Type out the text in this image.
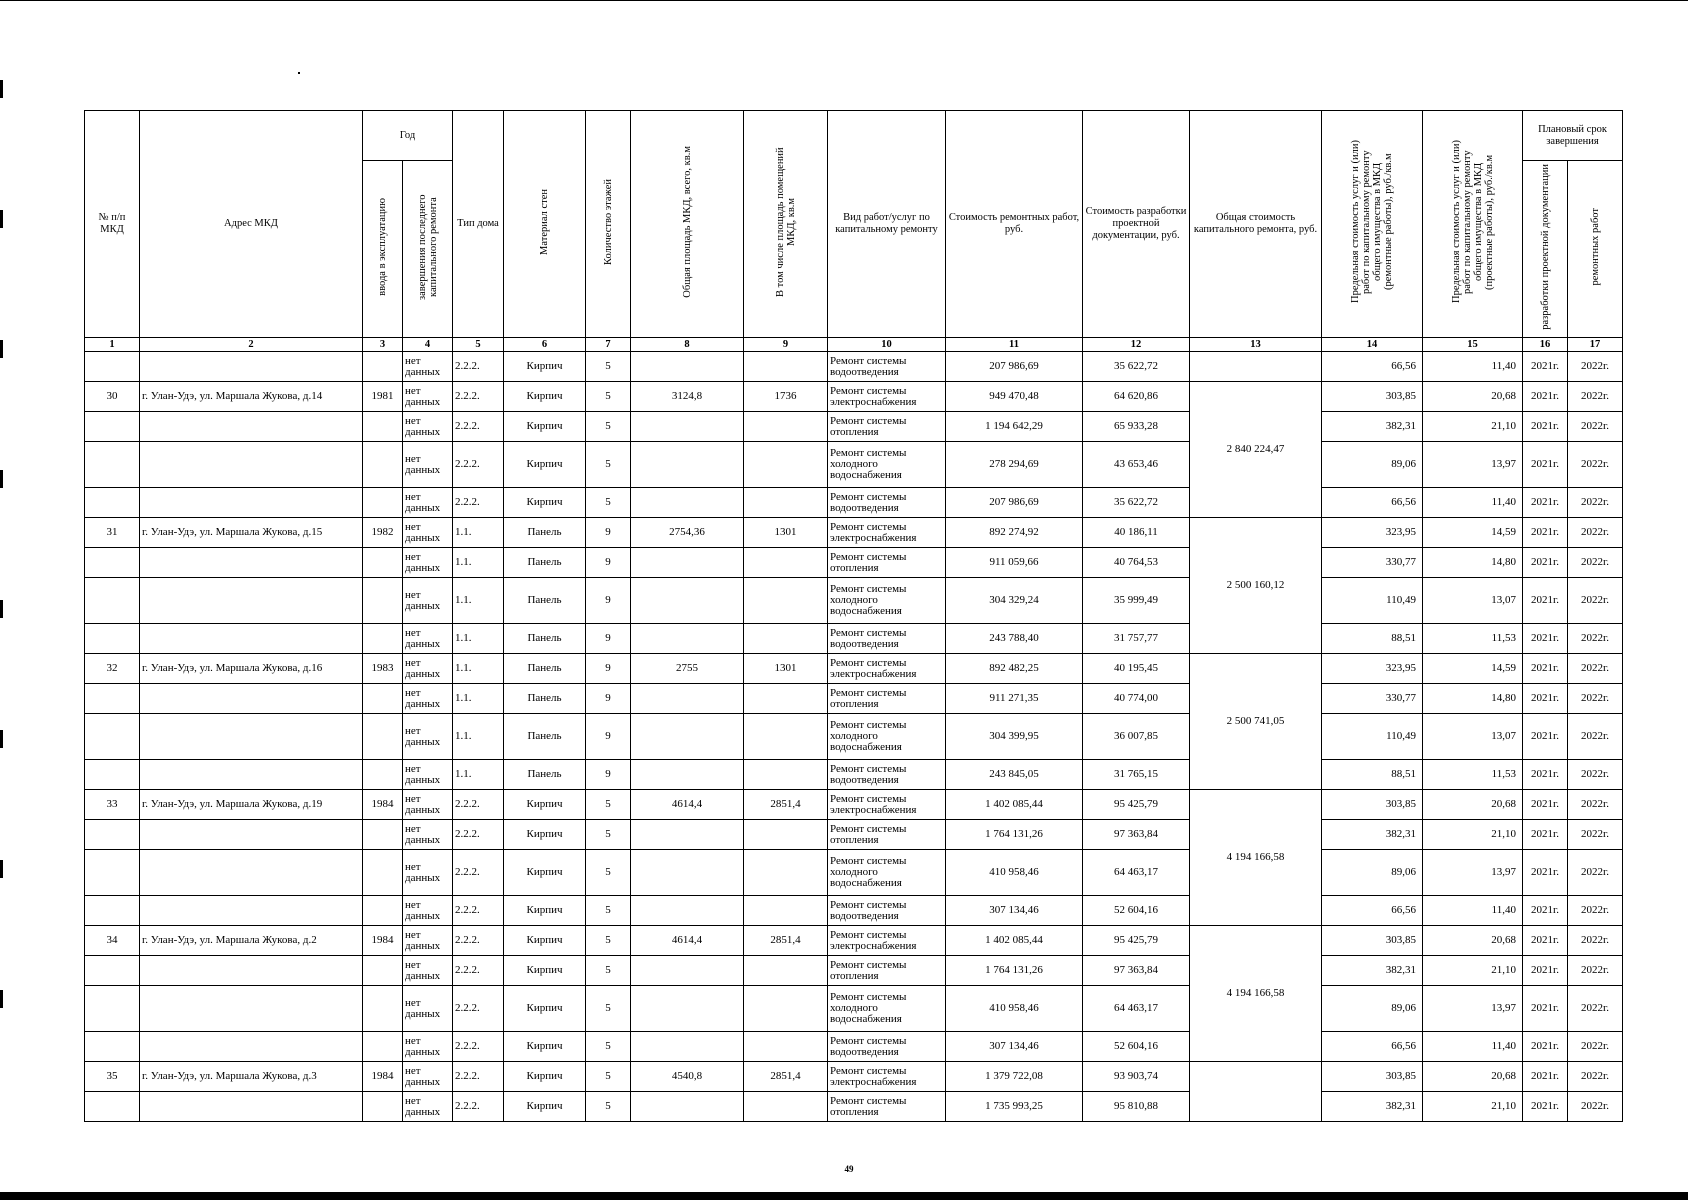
№ п/п МКД	Адрес МКД	Год		Тип дома	Материал стен	Количество этажей	Общая площадь МКД, всего, кв.м	В том числе площадь помещений МКД, кв.м	Вид работ/услуг по капитальному ремонту	Стоимость ремонтных работ, руб.	Стоимость разработки проектной документации, руб.	Общая стоимость капитального ремонта, руб.	Предельная стоимость услуг и (или) работ по капитальному ремонту общего имущества в МКД (ремонтные работы), руб./кв.м	Предельная стоимость услуг и (или) работ по капитальному ремонту общего имущества в МКД (проектные работы), руб./кв.м	Плановый срок завершения	
		ввода в эксплуатацию	завершения последнего капитального ремонта												разработки проектной документации	ремонтных работ
1	2	3	4	5	6	7	8	9	10	11	12	13	14	15	16	17
			нет данных	2.2.2.	Кирпич	5			Ремонт системы водоотведения	207 986,69	35 622,72		66,56	11,40	2021г.	2022г.
30	г. Улан-Удэ, ул. Маршала Жукова, д.14	1981	нет данных	2.2.2.	Кирпич	5	3124,8	1736	Ремонт системы электроснабжения	949 470,48	64 620,86	2 840 224,47	303,85	20,68	2021г.	2022г.
			нет данных	2.2.2.	Кирпич	5			Ремонт системы отопления	1 194 642,29	65 933,28		382,31	21,10	2021г.	2022г.
			нет данных	2.2.2.	Кирпич	5			Ремонт системы холодного водоснабжения	278 294,69	43 653,46		89,06	13,97	2021г.	2022г.
			нет данных	2.2.2.	Кирпич	5			Ремонт системы водоотведения	207 986,69	35 622,72		66,56	11,40	2021г.	2022г.
31	г. Улан-Удэ, ул. Маршала Жукова, д.15	1982	нет данных	1.1.	Панель	9	2754,36	1301	Ремонт системы электроснабжения	892 274,92	40 186,11	2 500 160,12	323,95	14,59	2021г.	2022г.
			нет данных	1.1.	Панель	9			Ремонт системы отопления	911 059,66	40 764,53		330,77	14,80	2021г.	2022г.
			нет данных	1.1.	Панель	9			Ремонт системы холодного водоснабжения	304 329,24	35 999,49		110,49	13,07	2021г.	2022г.
			нет данных	1.1.	Панель	9			Ремонт системы водоотведения	243 788,40	31 757,77		88,51	11,53	2021г.	2022г.
32	г. Улан-Удэ, ул. Маршала Жукова, д.16	1983	нет данных	1.1.	Панель	9	2755	1301	Ремонт системы электроснабжения	892 482,25	40 195,45	2 500 741,05	323,95	14,59	2021г.	2022г.
			нет данных	1.1.	Панель	9			Ремонт системы отопления	911 271,35	40 774,00		330,77	14,80	2021г.	2022г.
			нет данных	1.1.	Панель	9			Ремонт системы холодного водоснабжения	304 399,95	36 007,85		110,49	13,07	2021г.	2022г.
			нет данных	1.1.	Панель	9			Ремонт системы водоотведения	243 845,05	31 765,15		88,51	11,53	2021г.	2022г.
33	г. Улан-Удэ, ул. Маршала Жукова, д.19	1984	нет данных	2.2.2.	Кирпич	5	4614,4	2851,4	Ремонт системы электроснабжения	1 402 085,44	95 425,79	4 194 166,58	303,85	20,68	2021г.	2022г.
			нет данных	2.2.2.	Кирпич	5			Ремонт системы отопления	1 764 131,26	97 363,84		382,31	21,10	2021г.	2022г.
			нет данных	2.2.2.	Кирпич	5			Ремонт системы холодного водоснабжения	410 958,46	64 463,17		89,06	13,97	2021г.	2022г.
			нет данных	2.2.2.	Кирпич	5			Ремонт системы водоотведения	307 134,46	52 604,16		66,56	11,40	2021г.	2022г.
34	г. Улан-Удэ, ул. Маршала Жукова, д.2	1984	нет данных	2.2.2.	Кирпич	5	4614,4	2851,4	Ремонт системы электроснабжения	1 402 085,44	95 425,79	4 194 166,58	303,85	20,68	2021г.	2022г.
			нет данных	2.2.2.	Кирпич	5			Ремонт системы отопления	1 764 131,26	97 363,84		382,31	21,10	2021г.	2022г.
			нет данных	2.2.2.	Кирпич	5			Ремонт системы холодного водоснабжения	410 958,46	64 463,17		89,06	13,97	2021г.	2022г.
			нет данных	2.2.2.	Кирпич	5			Ремонт системы водоотведения	307 134,46	52 604,16		66,56	11,40	2021г.	2022г.
35	г. Улан-Удэ, ул. Маршала Жукова, д.3	1984	нет данных	2.2.2.	Кирпич	5	4540,8	2851,4	Ремонт системы электроснабжения	1 379 722,08	93 903,74		303,85	20,68	2021г.	2022г.
			нет данных	2.2.2.	Кирпич	5			Ремонт системы отопления	1 735 993,25	95 810,88		382,31	21,10	2021г.	2022г.
49
